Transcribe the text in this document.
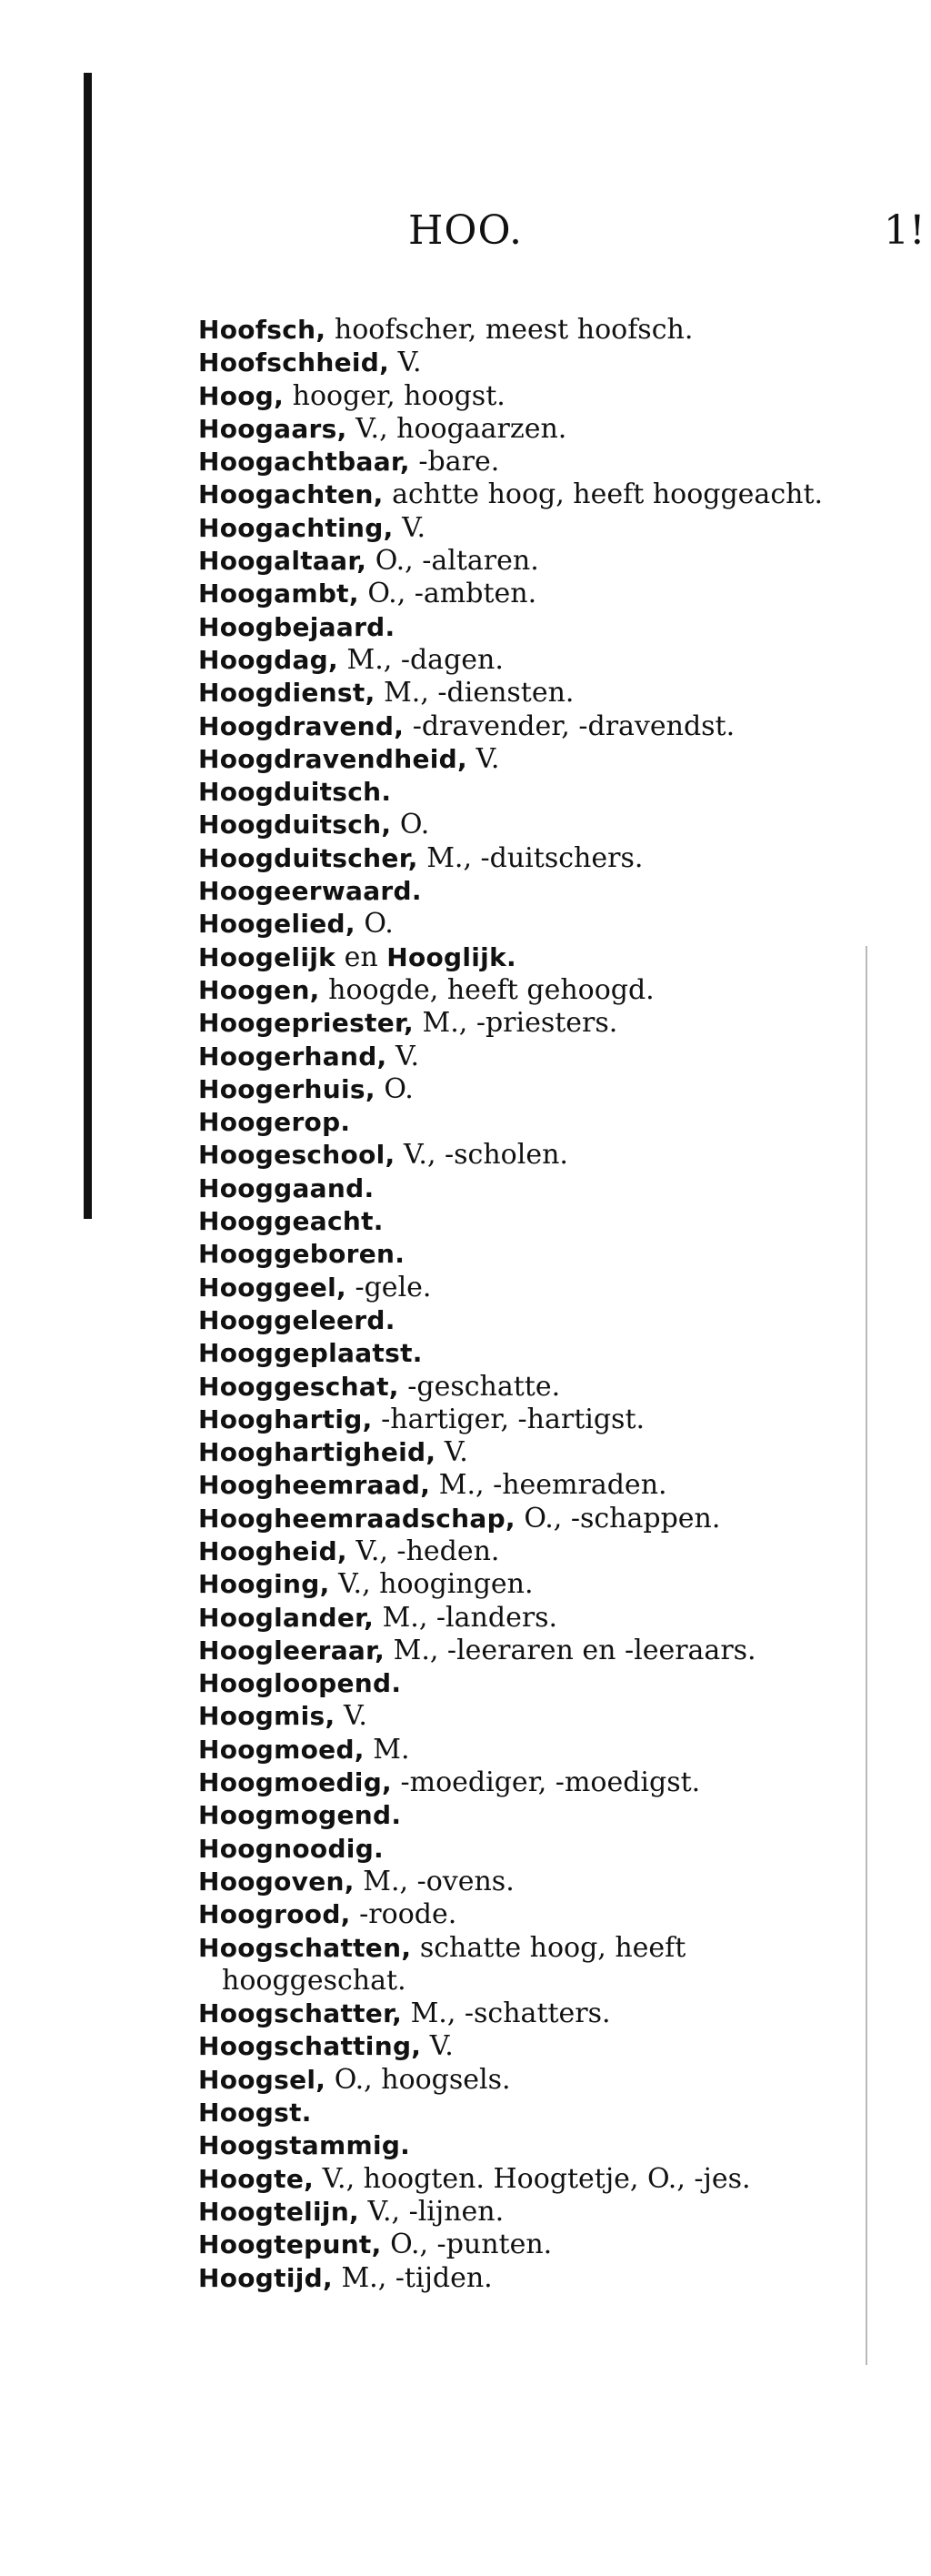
HOO.	1!
Hoofsch, hoofscher, meest hoofsch.
Hoofschheid, V.
Hoog, hooger, hoogst.
Hoogaars, V., hoogaarzen.
Hoogachtbaar, -bare.
Hoogachten, achtte hoog, heeft hooggeacht.
Hoogachting, V.
Hoogaltaar, O., -altaren.
Hoogambt, O., -ambten.
Hoogbejaard.
Hoogdag, M., -dagen.
Hoogdienst, M., -diensten.
Hoogdravend, -dravender, -dravendst.
Hoogdravendheid, V.
Hoogduitsch.
Hoogduitsch, O.
Hoogduitscher, M., -duitschers.
Hoogeerwaard.
Hoogelied, O.
Hoogelijk en Hooglijk.
Hoogen, hoogde, heeft gehoogd.
Hoogepriester, M., -priesters.
Hoogerhand, V.
Hoogerhuis, O.
Hoogerop.
Hoogeschool, V., -scholen.
Hooggaand.
Hooggeacht.
Hooggeboren.
Hooggeel, -gele.
Hooggeleerd.
Hooggeplaatst.
Hooggeschat, -geschatte.
Hooghartig, -hartiger, -hartigst.
Hooghartigheid, V.
Hoogheemraad, M., -heemraden.
Hoogheemraadschap, O., -schappen.
Hoogheid, V., -heden.
Hooging, V., hoogingen.
Hooglander, M., -landers.
Hoogleeraar, M., -leeraren en -leeraars.
Hoogloopend.
Hoogmis, V.
Hoogmoed, M.
Hoogmoedig, -moediger, -moedigst.
Hoogmogend.
Hoognoodig.
Hoogoven, M., -ovens.
Hoogrood, -roode.
Hoogschatten, schatte hoog, heeft hooggeschat.
Hoogschatter, M., -schatters.
Hoogschatting, V.
Hoogsel, O., hoogsels.
Hoogst.
Hoogstammig.
Hoogte, V., hoogten. Hoogtetje, O., -jes.
Hoogtelijn, V., -lijnen.
Hoogtepunt, O., -punten.
Hoogtijd, M., -tijden.
